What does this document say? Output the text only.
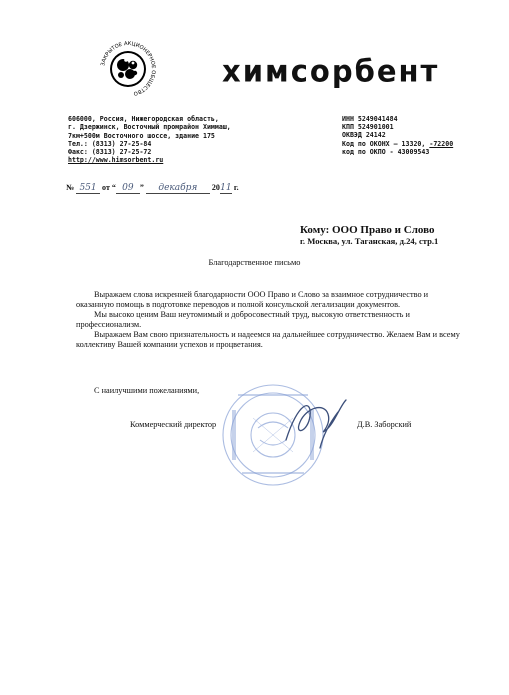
ЗАКРЫТОЕ АКЦИОНЕРНОЕ ОБЩЕСТВО
химсорбент
606000, Россия, Нижегородская область,
г. Дзержинск, Восточный промрайон Химмаш,
7км+500м Восточного шоссе, здание 175
Тел.: (8313) 27-25-84
Факс: (8313) 27-25-72
http://www.himsorbent.ru
ИНН 5249041484
КПП 524901001
ОКВЭД 24142
Код по ОКОНХ – 13320, -72200
код по ОКПО - 43009543
№ 551 от “ 09 ” декабря 2011 г.
Кому: ООО Право и Слово
г. Москва, ул. Таганская, д.24, стр.1
Благодарственное письмо

Выражаем слова искренней благодарности ООО Право и Слово за взаимное сотрудничество и оказанную помощь в подготовке переводов и полной консульской легализации документов.

Мы высоко ценим Ваш неутомимый и добросовестный труд, высокую ответственность и профессионализм.

Выражаем Вам свою признательность и надеемся на дальнейшее сотрудничество. Желаем Вам и всему коллективу Вашей компании успехов и процветания.

С наилучшими пожеланиями,
Коммерческий директор	Д.В. Заборский
